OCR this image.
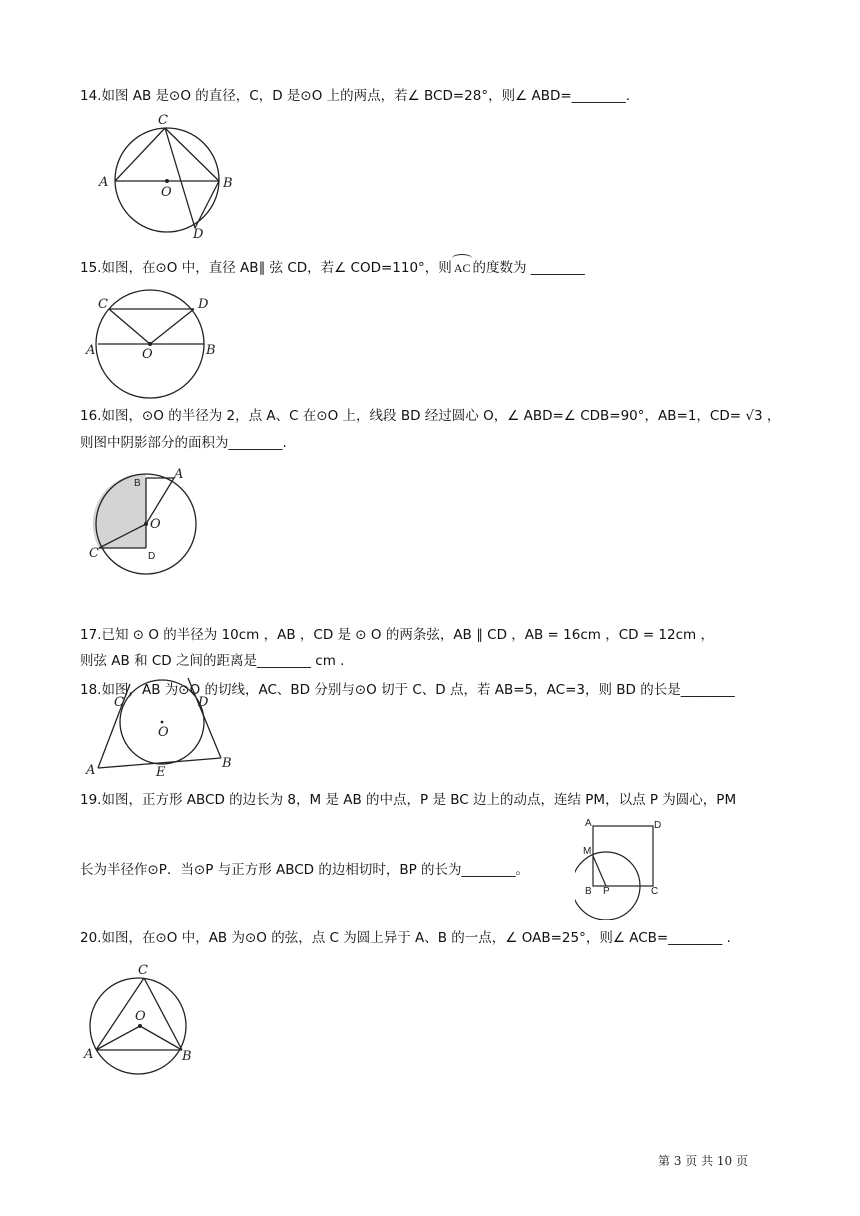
14.如图 AB 是⊙O 的直径，C，D 是⊙O 上的两点，若∠ BCD=28°，则∠ ABD=________.
A	B
C
D
O
15.如图，在⊙O 中，直径 AB∥ 弦 CD，若∠ COD=110°，则 AC 的度数为 ________
A	B
C	D
O
16.如图，⊙O 的半径为 2，点 A、C 在⊙O 上，线段 BD 经过圆心 O，∠ ABD=∠ CDB=90°，AB=1，CD= √3 ，
则图中阴影部分的面积为________.
B
A
O
C	D
17.已知 ⊙ O 的半径为 10cm ，AB ，CD 是 ⊙ O 的两条弦，AB ∥ CD ，AB = 16cm ，CD = 12cm ，
则弦 AB 和 CD 之间的距离是________ cm .
18.如图，AB 为⊙O 的切线，AC、BD 分别与⊙O 切于 C、D 点，若 AB=5，AC=3，则 BD 的长是________
A	B
C	D
E
O
19.如图，正方形 ABCD 的边长为 8，M 是 AB 的中点，P 是 BC 边上的动点，连结 PM，以点 P 为圆心，PM
长为半径作⊙P．当⊙P 与正方形 ABCD 的边相切时，BP 的长为________。
A	D
M
B P	C
20.如图，在⊙O 中，AB 为⊙O 的弦，点 C 为圆上异于 A、B 的一点，∠ OAB=25°，则∠ ACB=________ .
C
O
A	B
第 3 页 共 10 页
